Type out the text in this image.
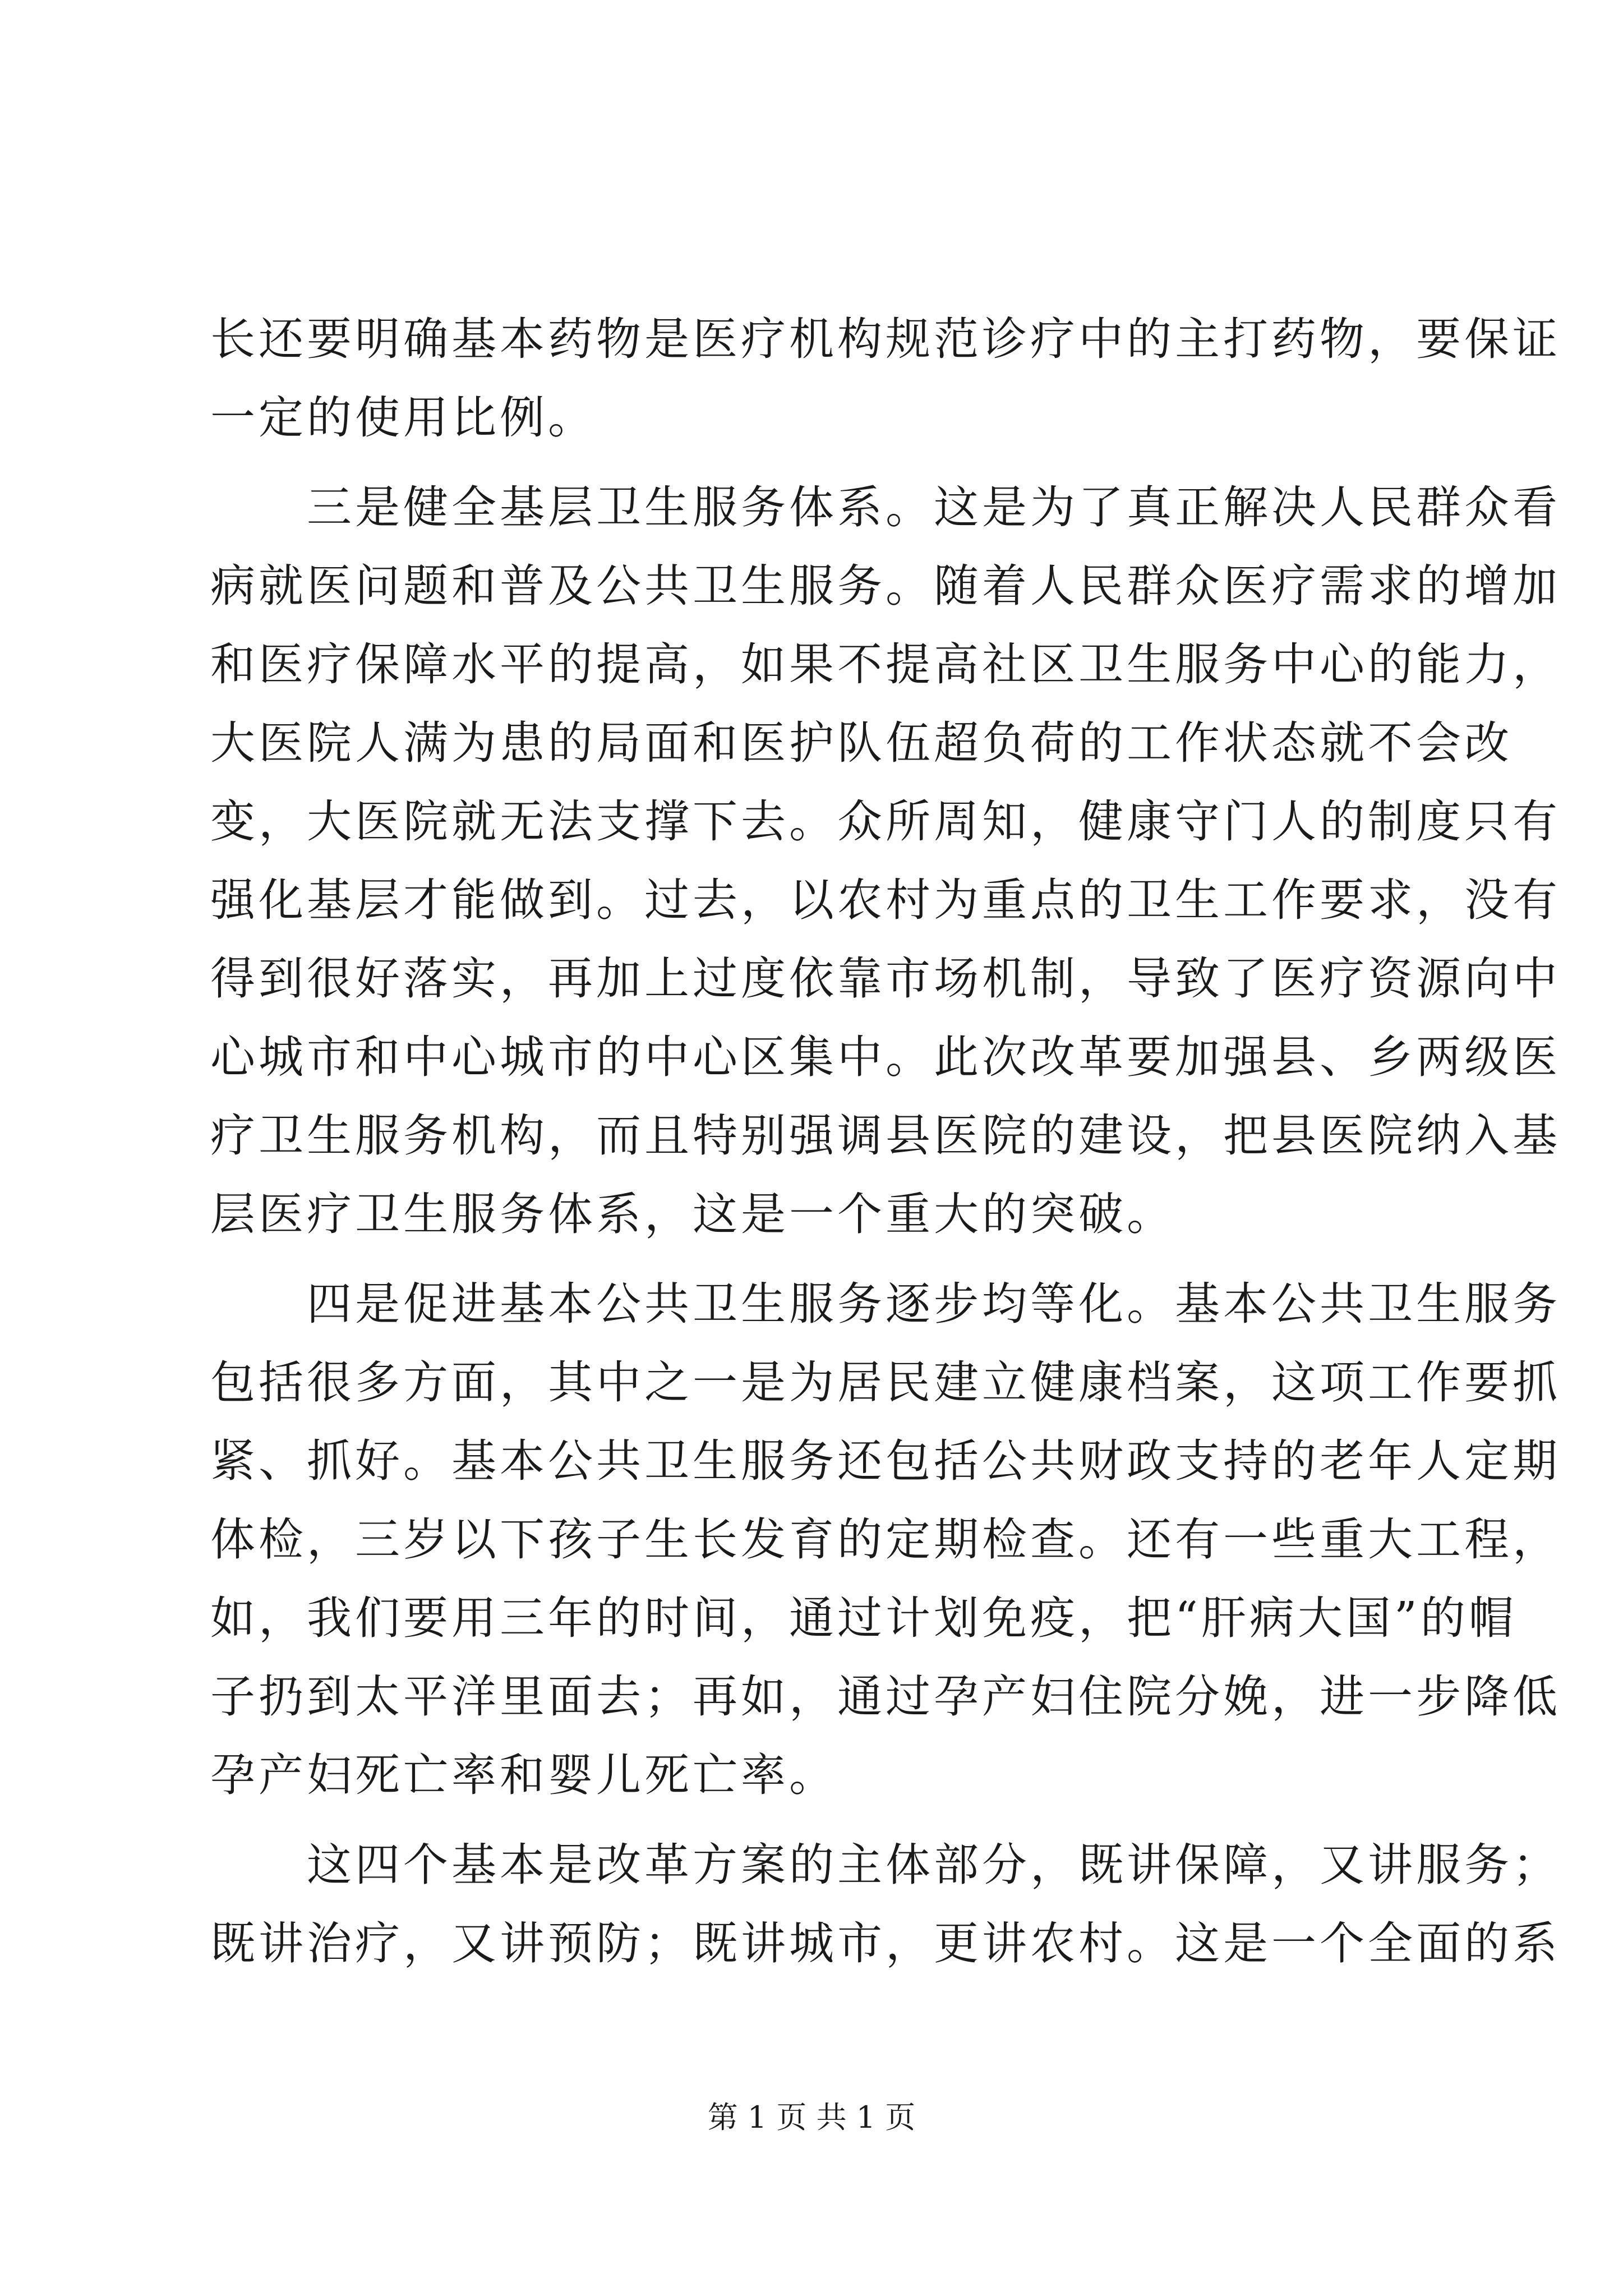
长还要明确基本药物是医疗机构规范诊疗中的主打药物，要保证
一定的使用比例。
　　三是健全基层卫生服务体系。这是为了真正解决人民群众看
病就医问题和普及公共卫生服务。随着人民群众医疗需求的增加
和医疗保障水平的提高，如果不提高社区卫生服务中心的能力，
大医院人满为患的局面和医护队伍超负荷的工作状态就不会改
变，大医院就无法支撑下去。众所周知，健康守门人的制度只有
强化基层才能做到。过去，以农村为重点的卫生工作要求，没有
得到很好落实，再加上过度依靠市场机制，导致了医疗资源向中
心城市和中心城市的中心区集中。此次改革要加强县、乡两级医
疗卫生服务机构，而且特别强调县医院的建设，把县医院纳入基
层医疗卫生服务体系，这是一个重大的突破。
　　四是促进基本公共卫生服务逐步均等化。基本公共卫生服务
包括很多方面，其中之一是为居民建立健康档案，这项工作要抓
紧、抓好。基本公共卫生服务还包括公共财政支持的老年人定期
体检，三岁以下孩子生长发育的定期检查。还有一些重大工程，
如，我们要用三年的时间，通过计划免疫，把“肝病大国”的帽
子扔到太平洋里面去；再如，通过孕产妇住院分娩，进一步降低
孕产妇死亡率和婴儿死亡率。
　　这四个基本是改革方案的主体部分，既讲保障，又讲服务；
既讲治疗，又讲预防；既讲城市，更讲农村。这是一个全面的系
第 1 页 共 1 页
